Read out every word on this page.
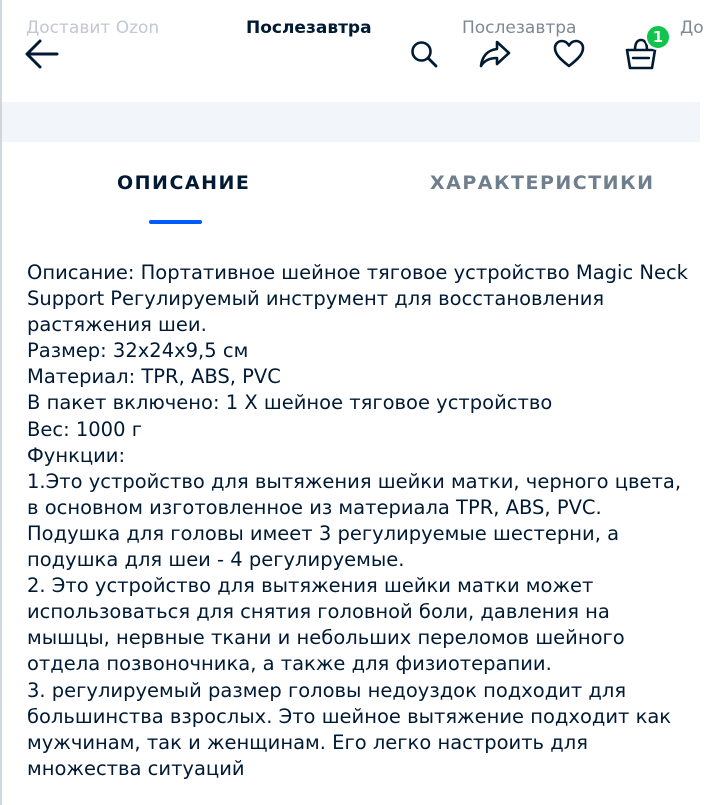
Доставит Ozon	Послезавтра	Послезавтра	До
1
ОПИСАНИЕ	ХАРАКТЕРИСТИКИ

Описание: Портативное шейное тяговое устройство Magic Neck Support Регулируемый инструмент для восстановления растяжения шеи.

Размер: 32x24x9,5 см

Материал: TPR, ABS, PVC

В пакет включено: 1 X шейное тяговое устройство

Вес: 1000 г

Функции:

1.Это устройство для вытяжения шейки матки, черного цвета, в основном изготовленное из материала TPR, ABS, PVC. Подушка для головы имеет 3 регулируемые шестерни, а подушка для шеи - 4 регулируемые.

2. Это устройство для вытяжения шейки матки может использоваться для снятия головной боли, давления на мышцы, нервные ткани и небольших переломов шейного отдела позвоночника, а также для физиотерапии.

3. регулируемый размер головы недоуздок подходит для большинства взрослых. Это шейное вытяжение подходит как мужчинам, так и женщинам. Его легко настроить для множества ситуаций
